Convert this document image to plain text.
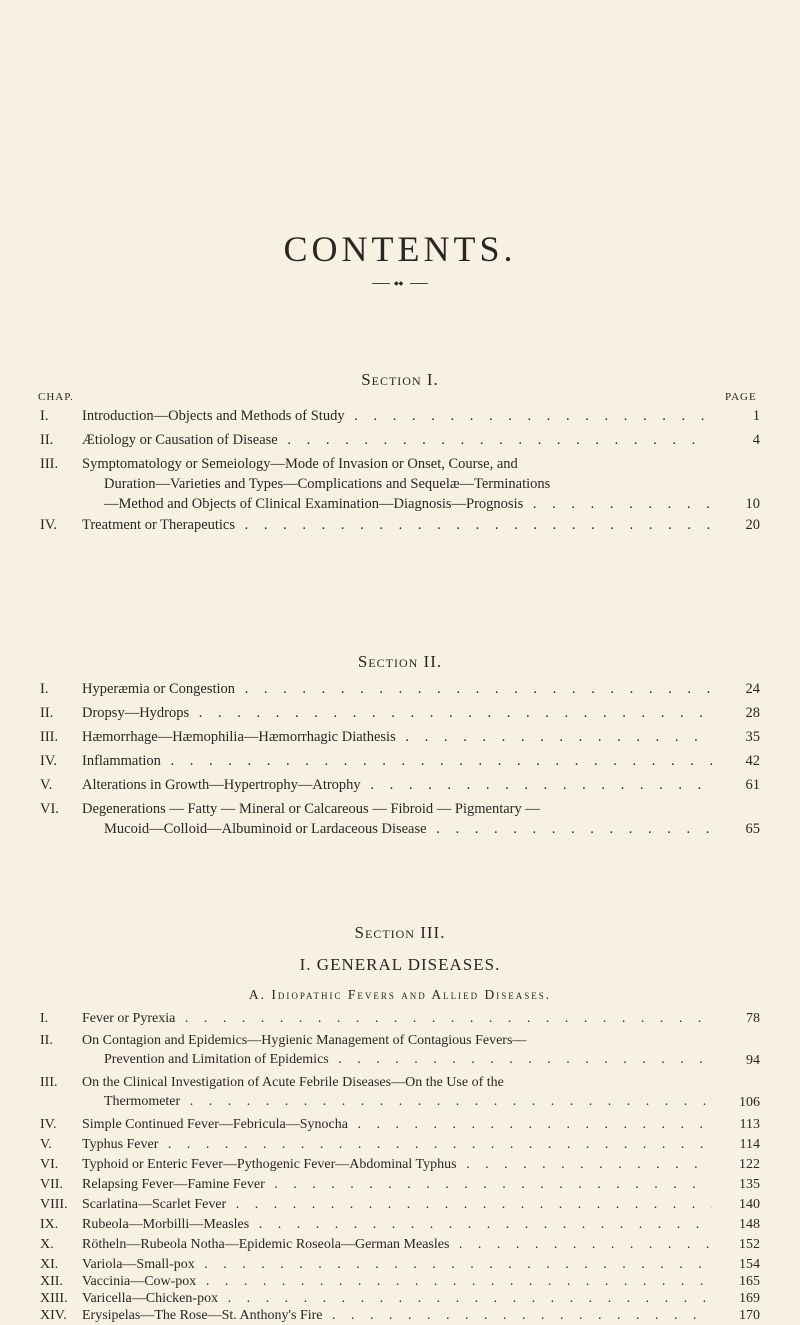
CONTENTS.
◆◆
Section I.
CHAP.	PAGE
I.	Introduction—Objects and Methods of Study . . .	1
II.	Ætiology or Causation of Disease . . .	4
III.	Symptomatology or Semeiology—Mode of Invasion or Onset, Course, and
Duration—Varieties and Types—Complications and Sequelæ—Terminations
—Method and Objects of Clinical Examination—Diagnosis—Prognosis . . .	10
IV.	Treatment or Therapeutics . . .	20
Section II.
I.	Hyperæmia or Congestion . . .	24
II.	Dropsy—Hydrops . . .	28
III.	Hæmorrhage—Hæmophilia—Hæmorrhagic Diathesis . . .	35
IV.	Inflammation . . .	42
V.	Alterations in Growth—Hypertrophy—Atrophy . . .	61
VI.	Degenerations — Fatty — Mineral or Calcareous — Fibroid — Pigmentary —
Mucoid—Colloid—Albuminoid or Lardaceous Disease . . .	65
Section III.
I. GENERAL DISEASES.
A. Idiopathic Fevers and Allied Diseases.
I.	Fever or Pyrexia . . .	78
II.	On Contagion and Epidemics—Hygienic Management of Contagious Fevers—
Prevention and Limitation of Epidemics . . .	94
III.	On the Clinical Investigation of Acute Febrile Diseases—On the Use of the
Thermometer . . .	106
IV.	Simple Continued Fever—Febricula—Synocha . . .	113
V.	Typhus Fever . . .	114
VI.	Typhoid or Enteric Fever—Pythogenic Fever—Abdominal Typhus . . .	122
VII.	Relapsing Fever—Famine Fever . . .	135
VIII.	Scarlatina—Scarlet Fever . . .	140
IX.	Rubeola—Morbilli—Measles . . .	148
X.	Rötheln—Rubeola Notha—Epidemic Roseola—German Measles . . .	152
XI.	Variola—Small-pox . . .	154
XII.	Vaccinia—Cow-pox . . .	165
XIII.	Varicella—Chicken-pox . . .	169
XIV.	Erysipelas—The Rose—St. Anthony's Fire . . .	170
